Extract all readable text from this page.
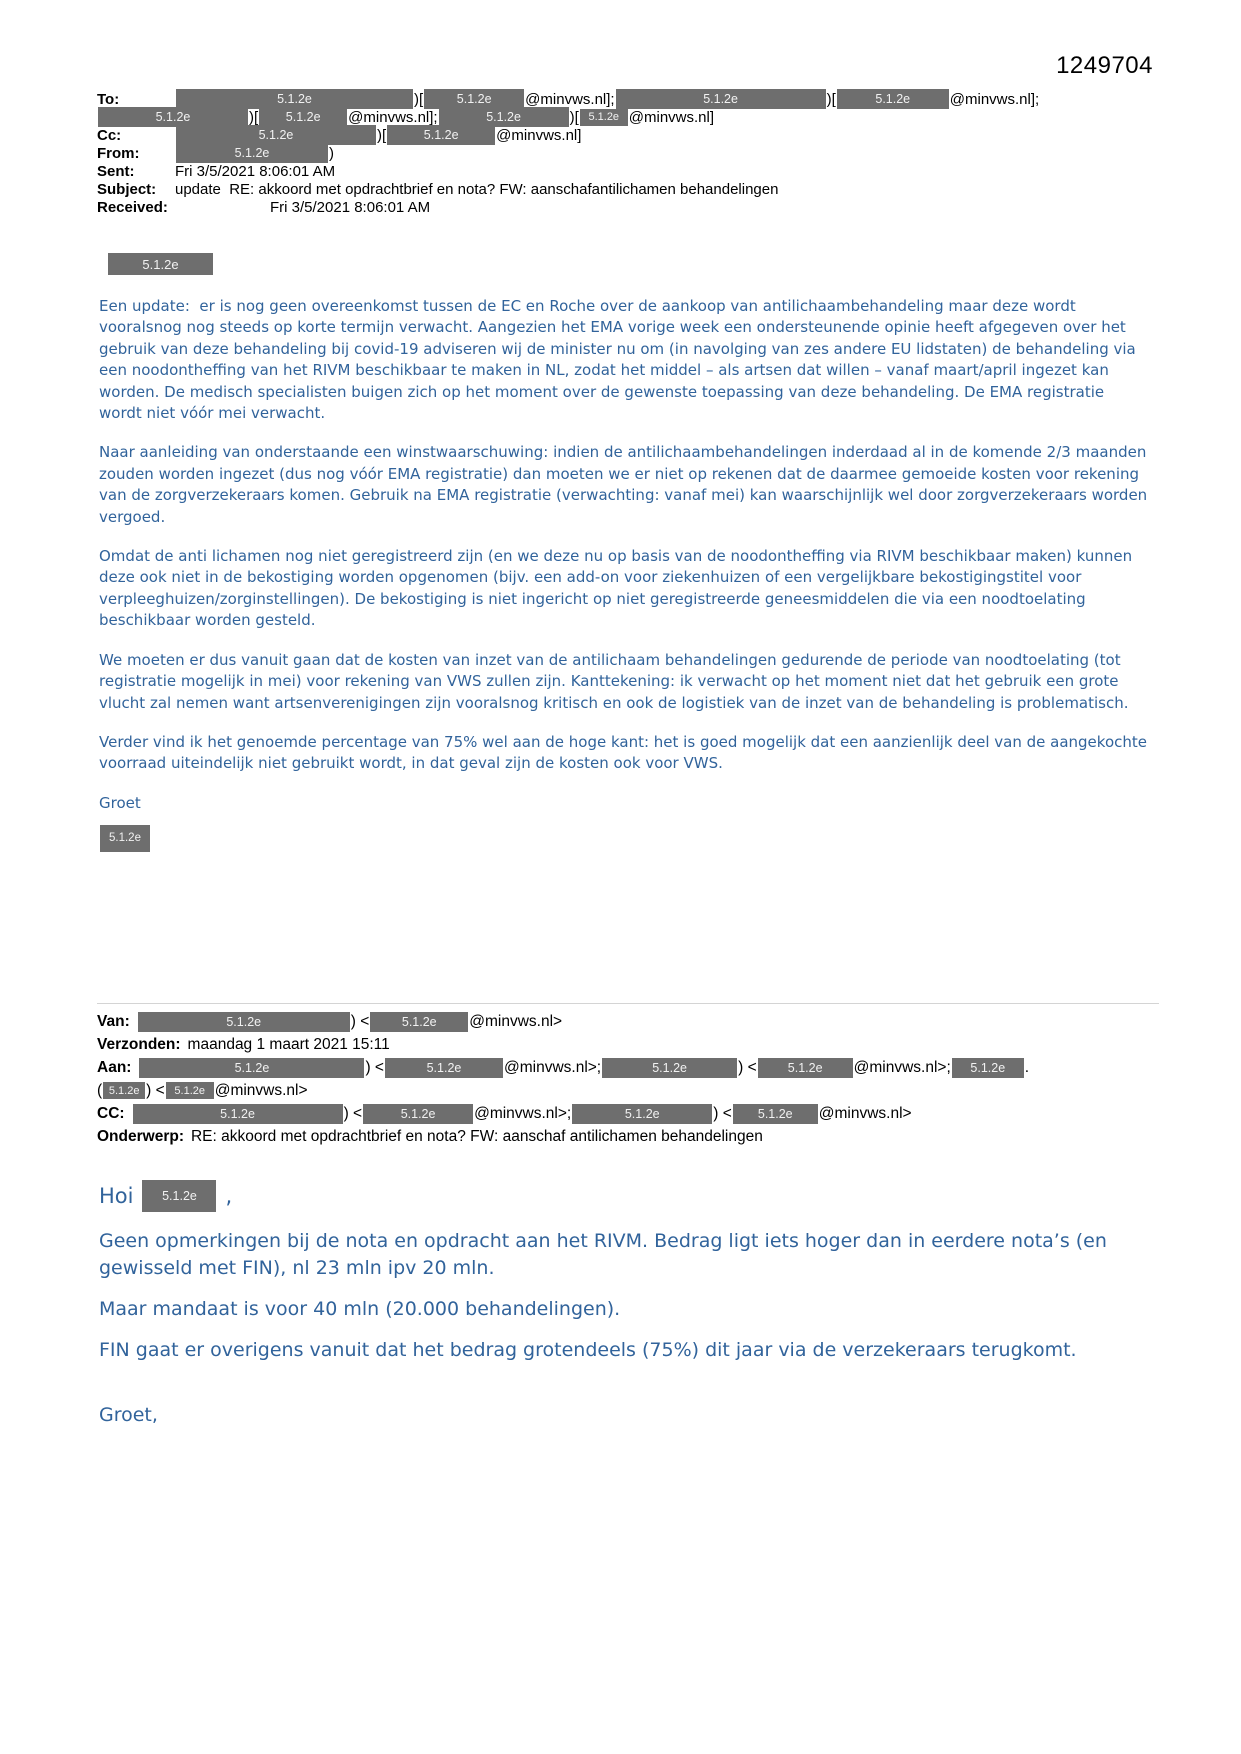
1249704
To:	5.1.2e	)[	5.1.2e	@minvws.nl];	5.1.2e	)[	5.1.2e	@minvws.nl];
5.1.2e	)[	5.1.2e	@minvws.nl];	5.1.2e	)[ 5.1.2e @minvws.nl]
Cc:	5.1.2e	)[	5.1.2e	@minvws.nl]
From:	5.1.2e	)
Sent:	Fri 3/5/2021 8:06:01 AM
Subject:	update  RE: akkoord met opdrachtbrief en nota? FW: aanschafantilichamen behandelingen
Received:	Fri 3/5/2021 8:06:01 AM
5.1.2e

Een update:  er is nog geen overeenkomst tussen de EC en Roche over de aankoop van antilichaambehandeling maar deze wordt vooralsnog nog steeds op korte termijn verwacht. Aangezien het EMA vorige week een ondersteunende opinie heeft afgegeven over het gebruik van deze behandeling bij covid-19 adviseren wij de minister nu om (in navolging van zes andere EU lidstaten) de behandeling via een noodontheffing van het RIVM beschikbaar te maken in NL, zodat het middel – als artsen dat willen – vanaf maart/april ingezet kan worden. De medisch specialisten buigen zich op het moment over de gewenste toepassing van deze behandeling. De EMA registratie wordt niet vóór mei verwacht.

Naar aanleiding van onderstaande een winstwaarschuwing: indien de antilichaambehandelingen inderdaad al in de komende 2/3 maanden zouden worden ingezet (dus nog vóór EMA registratie) dan moeten we er niet op rekenen dat de daarmee gemoeide kosten voor rekening van de zorgverzekeraars komen. Gebruik na EMA registratie (verwachting: vanaf mei) kan waarschijnlijk wel door zorgverzekeraars worden vergoed.

Omdat de anti lichamen nog niet geregistreerd zijn (en we deze nu op basis van de noodontheffing via RIVM beschikbaar maken) kunnen deze ook niet in de bekostiging worden opgenomen (bijv. een add-on voor ziekenhuizen of een vergelijkbare bekostigingstitel voor verpleeghuizen/zorginstellingen). De bekostiging is niet ingericht op niet geregistreerde geneesmiddelen die via een noodtoelating beschikbaar worden gesteld.

We moeten er dus vanuit gaan dat de kosten van inzet van de antilichaam behandelingen gedurende de periode van noodtoelating (tot registratie mogelijk in mei) voor rekening van VWS zullen zijn. Kanttekening: ik verwacht op het moment niet dat het gebruik een grote vlucht zal nemen want artsenverenigingen zijn vooralsnog kritisch en ook de logistiek van de inzet van de behandeling is problematisch.

Verder vind ik het genoemde percentage van 75% wel aan de hoge kant: het is goed mogelijk dat een aanzienlijk deel van de aangekochte voorraad uiteindelijk niet gebruikt wordt, in dat geval zijn de kosten ook voor VWS.

Groet

5.1.2e
Van:	5.1.2e	) <	5.1.2e	@minvws.nl>
Verzonden: maandag 1 maart 2021 15:11
Aan:	5.1.2e	) <	5.1.2e	@minvws.nl>;	5.1.2e	) <	5.1.2e	@minvws.nl>;	5.1.2e	.
( 5.1.2e ) < 5.1.2e @minvws.nl>
CC:	5.1.2e	) <	5.1.2e	@minvws.nl>;	5.1.2e	) <	5.1.2e	@minvws.nl>
Onderwerp: RE: akkoord met opdrachtbrief en nota? FW: aanschaf antilichamen behandelingen
Hoi	5.1.2e	,

Geen opmerkingen bij de nota en opdracht aan het RIVM. Bedrag ligt iets hoger dan in eerdere nota’s (en gewisseld met FIN), nl 23 mln ipv 20 mln.

Maar mandaat is voor 40 mln (20.000 behandelingen).

FIN gaat er overigens vanuit dat het bedrag grotendeels (75%) dit jaar via de verzekeraars terugkomt.

Groet,
